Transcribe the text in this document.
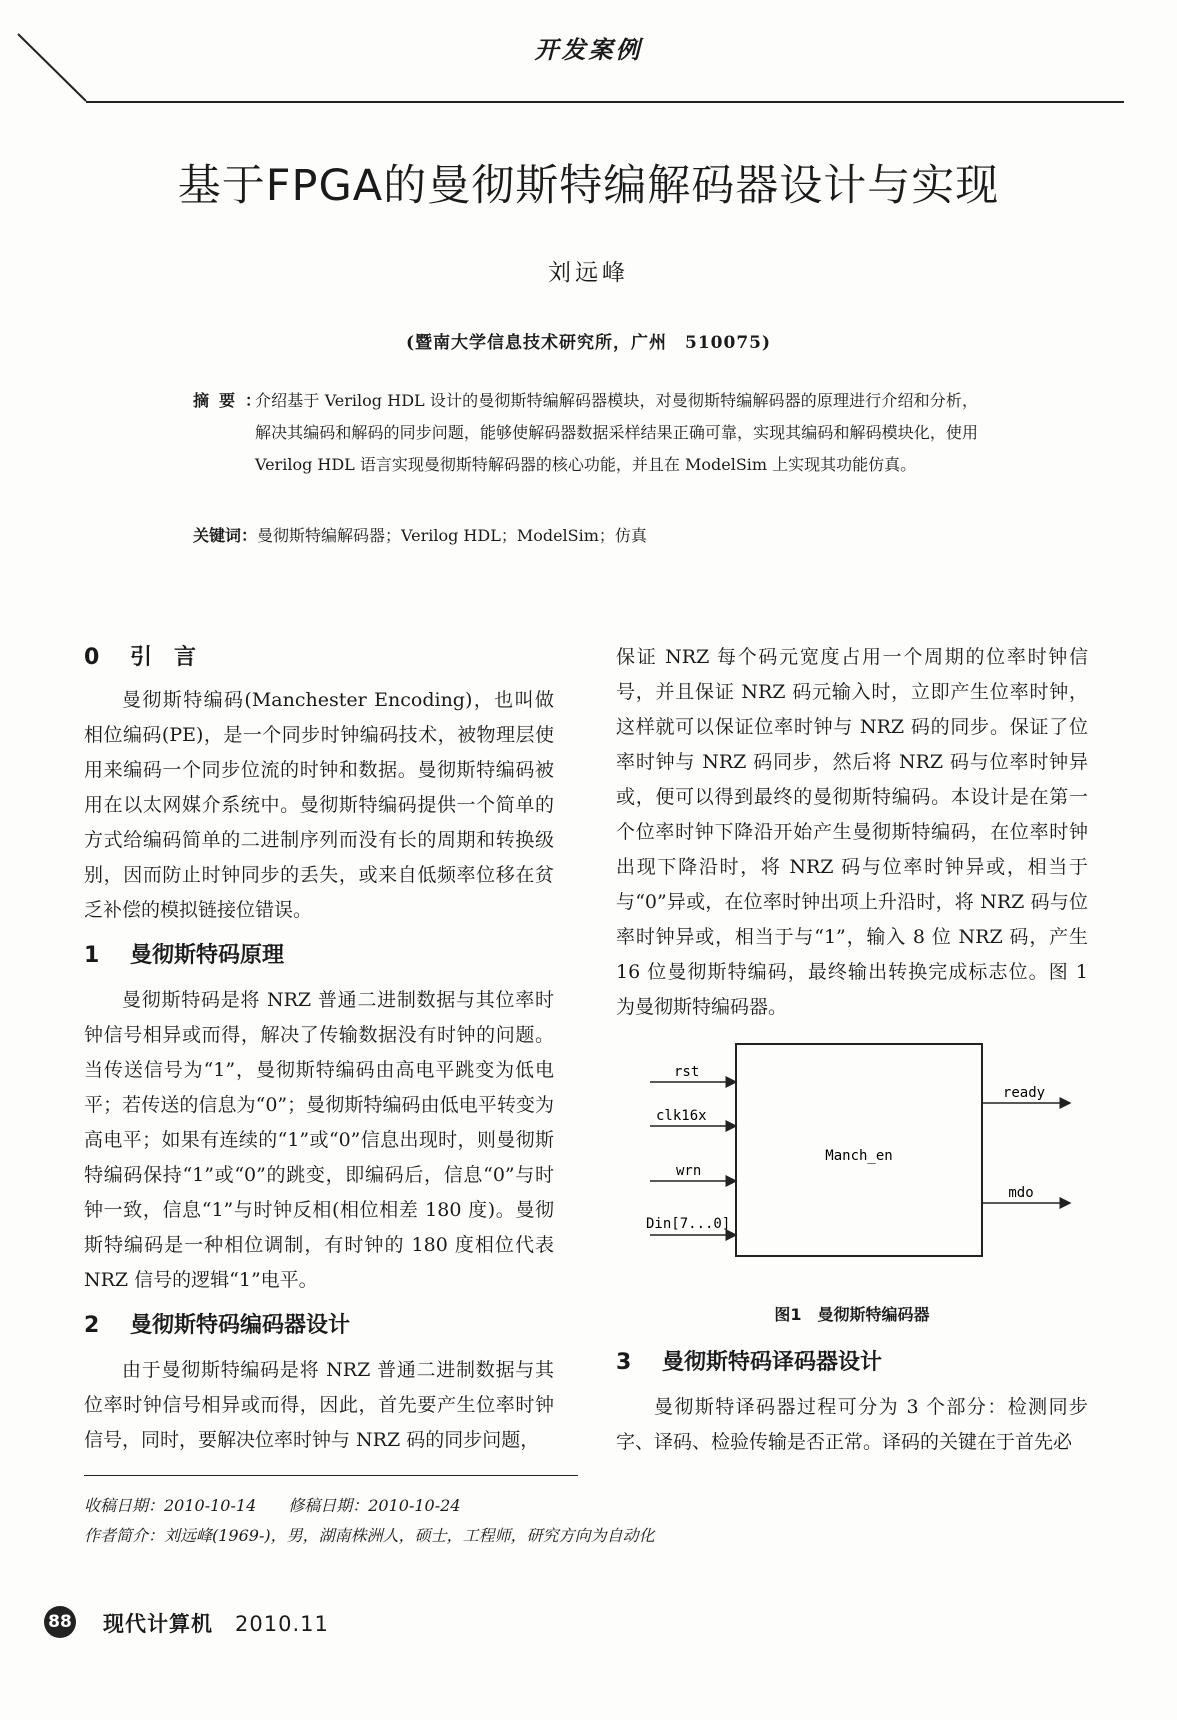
开发案例
基于FPGA的曼彻斯特编解码器设计与实现
刘远峰
(暨南大学信息技术研究所，广州　510075)
摘要：
介绍基于 Verilog HDL 设计的曼彻斯特编解码器模块，对曼彻斯特编解码器的原理进行介绍和分析，解决其编码和解码的同步问题，能够使解码器数据采样结果正确可靠，实现其编码和解码模块化，使用 Verilog HDL 语言实现曼彻斯特解码器的核心功能，并且在 ModelSim 上实现其功能仿真。
关键词：曼彻斯特编解码器；Verilog HDL；ModelSim；仿真
0 引　言

曼彻斯特编码(Manchester Encoding)，也叫做相位编码(PE)，是一个同步时钟编码技术，被物理层使用来编码一个同步位流的时钟和数据。曼彻斯特编码被用在以太网媒介系统中。曼彻斯特编码提供一个简单的方式给编码简单的二进制序列而没有长的周期和转换级别，因而防止时钟同步的丢失，或来自低频率位移在贫乏补偿的模拟链接位错误。

1 曼彻斯特码原理

曼彻斯特码是将 NRZ 普通二进制数据与其位率时钟信号相异或而得，解决了传输数据没有时钟的问题。当传送信号为“1”，曼彻斯特编码由高电平跳变为低电平；若传送的信息为“0”；曼彻斯特编码由低电平转变为高电平；如果有连续的“1”或“0”信息出现时，则曼彻斯特编码保持“1”或“0”的跳变，即编码后，信息“0”与时钟一致，信息“1”与时钟反相(相位相差 180 度)。曼彻斯特编码是一种相位调制，有时钟的 180 度相位代表 NRZ 信号的逻辑“1”电平。

2 曼彻斯特码编码器设计

由于曼彻斯特编码是将 NRZ 普通二进制数据与其位率时钟信号相异或而得，因此，首先要产生位率时钟信号，同时，要解决位率时钟与 NRZ 码的同步问题，

保证 NRZ 每个码元宽度占用一个周期的位率时钟信号，并且保证 NRZ 码元输入时，立即产生位率时钟，这样就可以保证位率时钟与 NRZ 码的同步。保证了位率时钟与 NRZ 码同步，然后将 NRZ 码与位率时钟异或，便可以得到最终的曼彻斯特编码。本设计是在第一个位率时钟下降沿开始产生曼彻斯特编码，在位率时钟出现下降沿时，将 NRZ 码与位率时钟异或，相当于与“0”异或，在位率时钟出项上升沿时，将 NRZ 码与位率时钟异或，相当于与“1”，输入 8 位 NRZ 码，产生 16 位曼彻斯特编码，最终输出转换完成标志位。图 1 为曼彻斯特编码器。

Manch_en
rst
clk16x
wrn
Din[7...0]
ready
mdo
图1　曼彻斯特编码器
3 曼彻斯特码译码器设计

曼彻斯特译码器过程可分为 3 个部分：检测同步字、译码、检验传输是否正常。译码的关键在于首先必

收稿日期：2010-10-14　　修稿日期：2010-10-24
作者简介：刘远峰(1969-)，男，湖南株洲人，硕士，工程师，研究方向为自动化
88 现代计算机 2010.11
